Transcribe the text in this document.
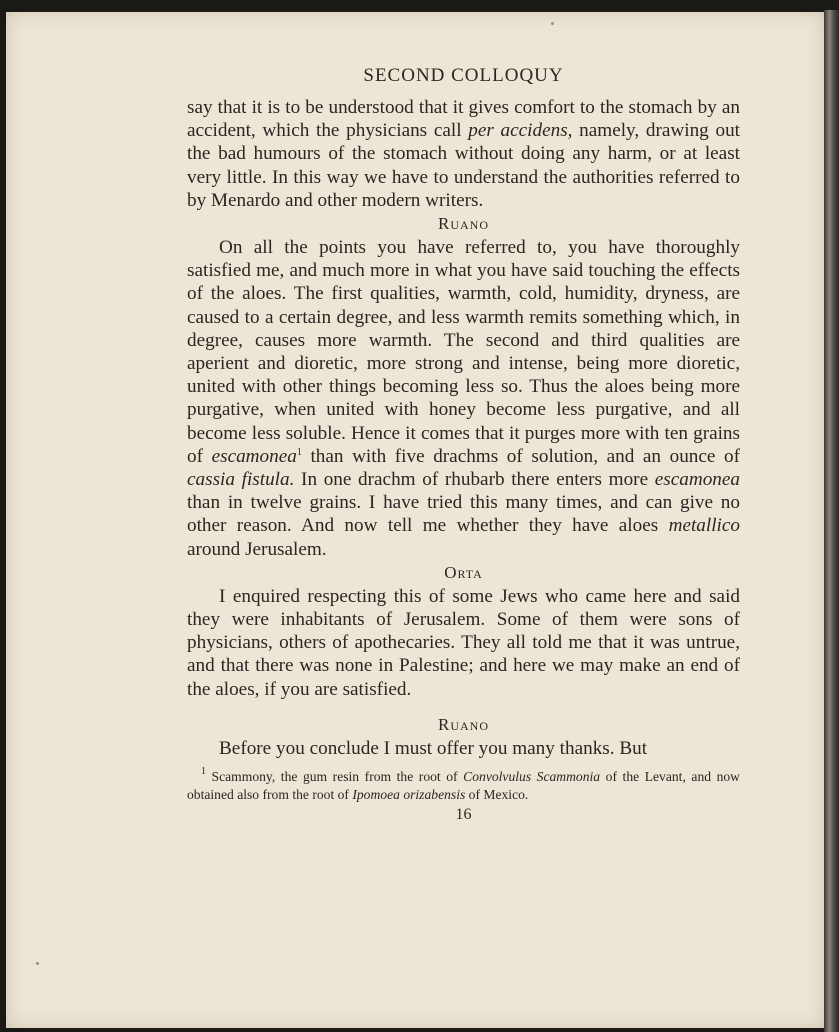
SECOND COLLOQUY

say that it is to be understood that it gives comfort to the stomach by an accident, which the physicians call per accidens, namely, drawing out the bad humours of the stomach without doing any harm, or at least very little. In this way we have to understand the authorities referred to by Menardo and other modern writers.

Ruano

On all the points you have referred to, you have thoroughly satisfied me, and much more in what you have said touching the effects of the aloes. The first qualities, warmth, cold, humidity, dryness, are caused to a certain degree, and less warmth remits something which, in degree, causes more warmth. The second and third qualities are aperient and dioretic, more strong and intense, being more dioretic, united with other things becoming less so. Thus the aloes being more purgative, when united with honey become less purgative, and all become less soluble. Hence it comes that it purges more with ten grains of escamonea$^1$ than with five drachms of solution, and an ounce of cassia fistula. In one drachm of rhubarb there enters more escamonea than in twelve grains. I have tried this many times, and can give no other reason. And now tell me whether they have aloes metallico around Jerusalem.

Orta

I enquired respecting this of some Jews who came here and said they were inhabitants of Jerusalem. Some of them were sons of physicians, others of apothecaries. They all told me that it was untrue, and that there was none in Palestine; and here we may make an end of the aloes, if you are satisfied.

Ruano

Before you conclude I must offer you many thanks. But

$^1$ Scammony, the gum resin from the root of Convolvulus Scammonia of the Levant, and now obtained also from the root of Ipomoea orizabensis of Mexico.
16
